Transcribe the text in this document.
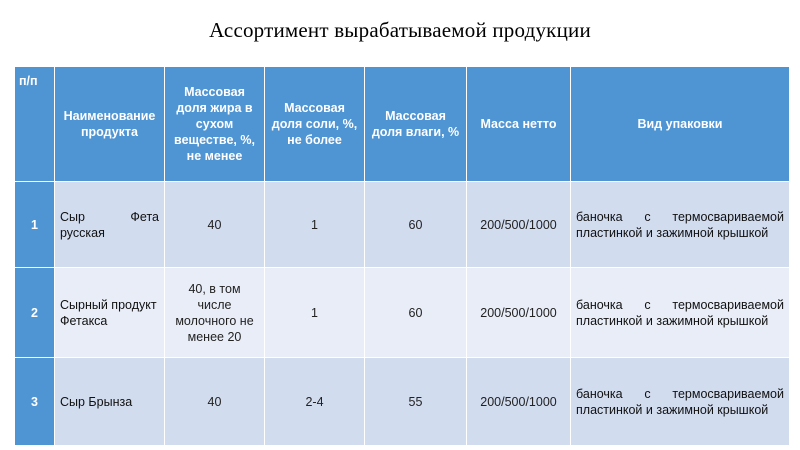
Ассортимент вырабатываемой продукции
п/п	Наименование продукта	Массовая доля жира в сухом веществе, %, не менее	Массовая доля соли, %, не более	Массовая доля влаги, %	Масса нетто	Вид упаковки
1	Сыр Фета русская	40	1	60	200/500/1000	баночка с термосвариваемой пластинкой и зажимной крышкой
2	Сырный продукт Фетакса	40, в том числе молочного не менее 20	1	60	200/500/1000	баночка с термосвариваемой пластинкой и зажимной крышкой
3	Сыр Брынза	40	2-4	55	200/500/1000	баночка с термосвариваемой пластинкой и зажимной крышкой
